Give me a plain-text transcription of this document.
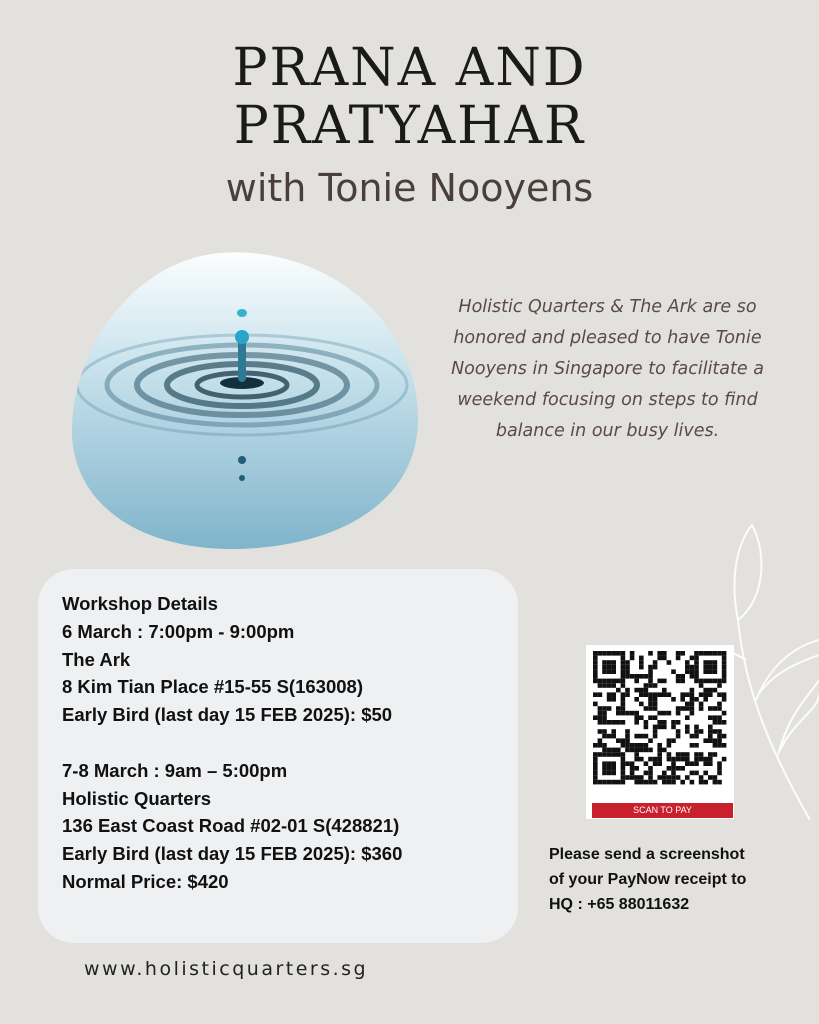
PRANA AND
PRATYAHAR
with Tonie Nooyens
Holistic Quarters & The Ark are so honored and pleased to have Tonie Nooyens in Singapore to facilitate a weekend focusing on steps to find balance in our busy lives.
Workshop Details
6 March : 7:00pm - 9:00pm
The Ark
8 Kim Tian Place #15-55 S(163008)
Early Bird (last day 15 FEB 2025): $50
7-8 March : 9am – 5:00pm
Holistic Quarters
136 East Coast Road #02-01 S(428821)
Early Bird (last day 15 FEB 2025): $360
Normal Price: $420
SCAN TO PAY
Please send a screenshot
of your PayNow receipt to
HQ : +65 88011632
www.holisticquarters.sg
